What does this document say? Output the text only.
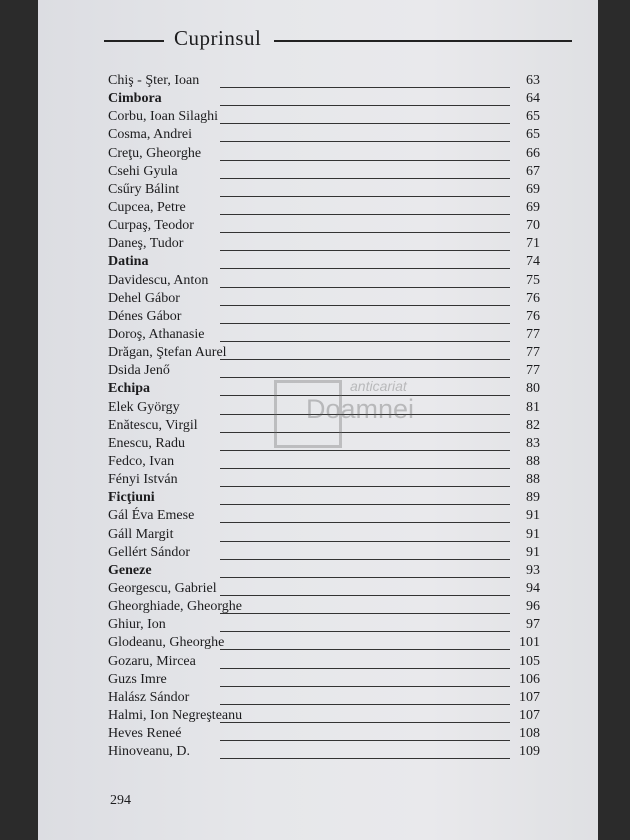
Cuprinsul
Chiş - Şter, Ioan	63
Cimbora	64
Corbu, Ioan Silaghi	65
Cosma, Andrei	65
Creţu, Gheorghe	66
Csehi Gyula	67
Csűry Bálint	69
Cupcea, Petre	69
Curpaş, Teodor	70
Daneş, Tudor	71
Datina	74
Davidescu, Anton	75
Dehel Gábor	76
Dénes Gábor	76
Doroş, Athanasie	77
Drăgan, Ştefan Aurel	77
Dsida Jenő	77
Echipa	80
Elek György	81
Enătescu, Virgil	82
Enescu, Radu	83
Fedco, Ivan	88
Fényi István	88
Ficţiuni	89
Gál Éva Emese	91
Gáll Margit	91
Gellért Sándor	91
Geneze	93
Georgescu, Gabriel	94
Gheorghiade, Gheorghe	96
Ghiur, Ion	97
Glodeanu, Gheorghe	101
Gozaru, Mircea	105
Guzs Imre	106
Halász Sándor	107
Halmi, Ion Negreşteanu	107
Heves Reneé	108
Hinoveanu, D.	109
anticariat
Doamnei
294
